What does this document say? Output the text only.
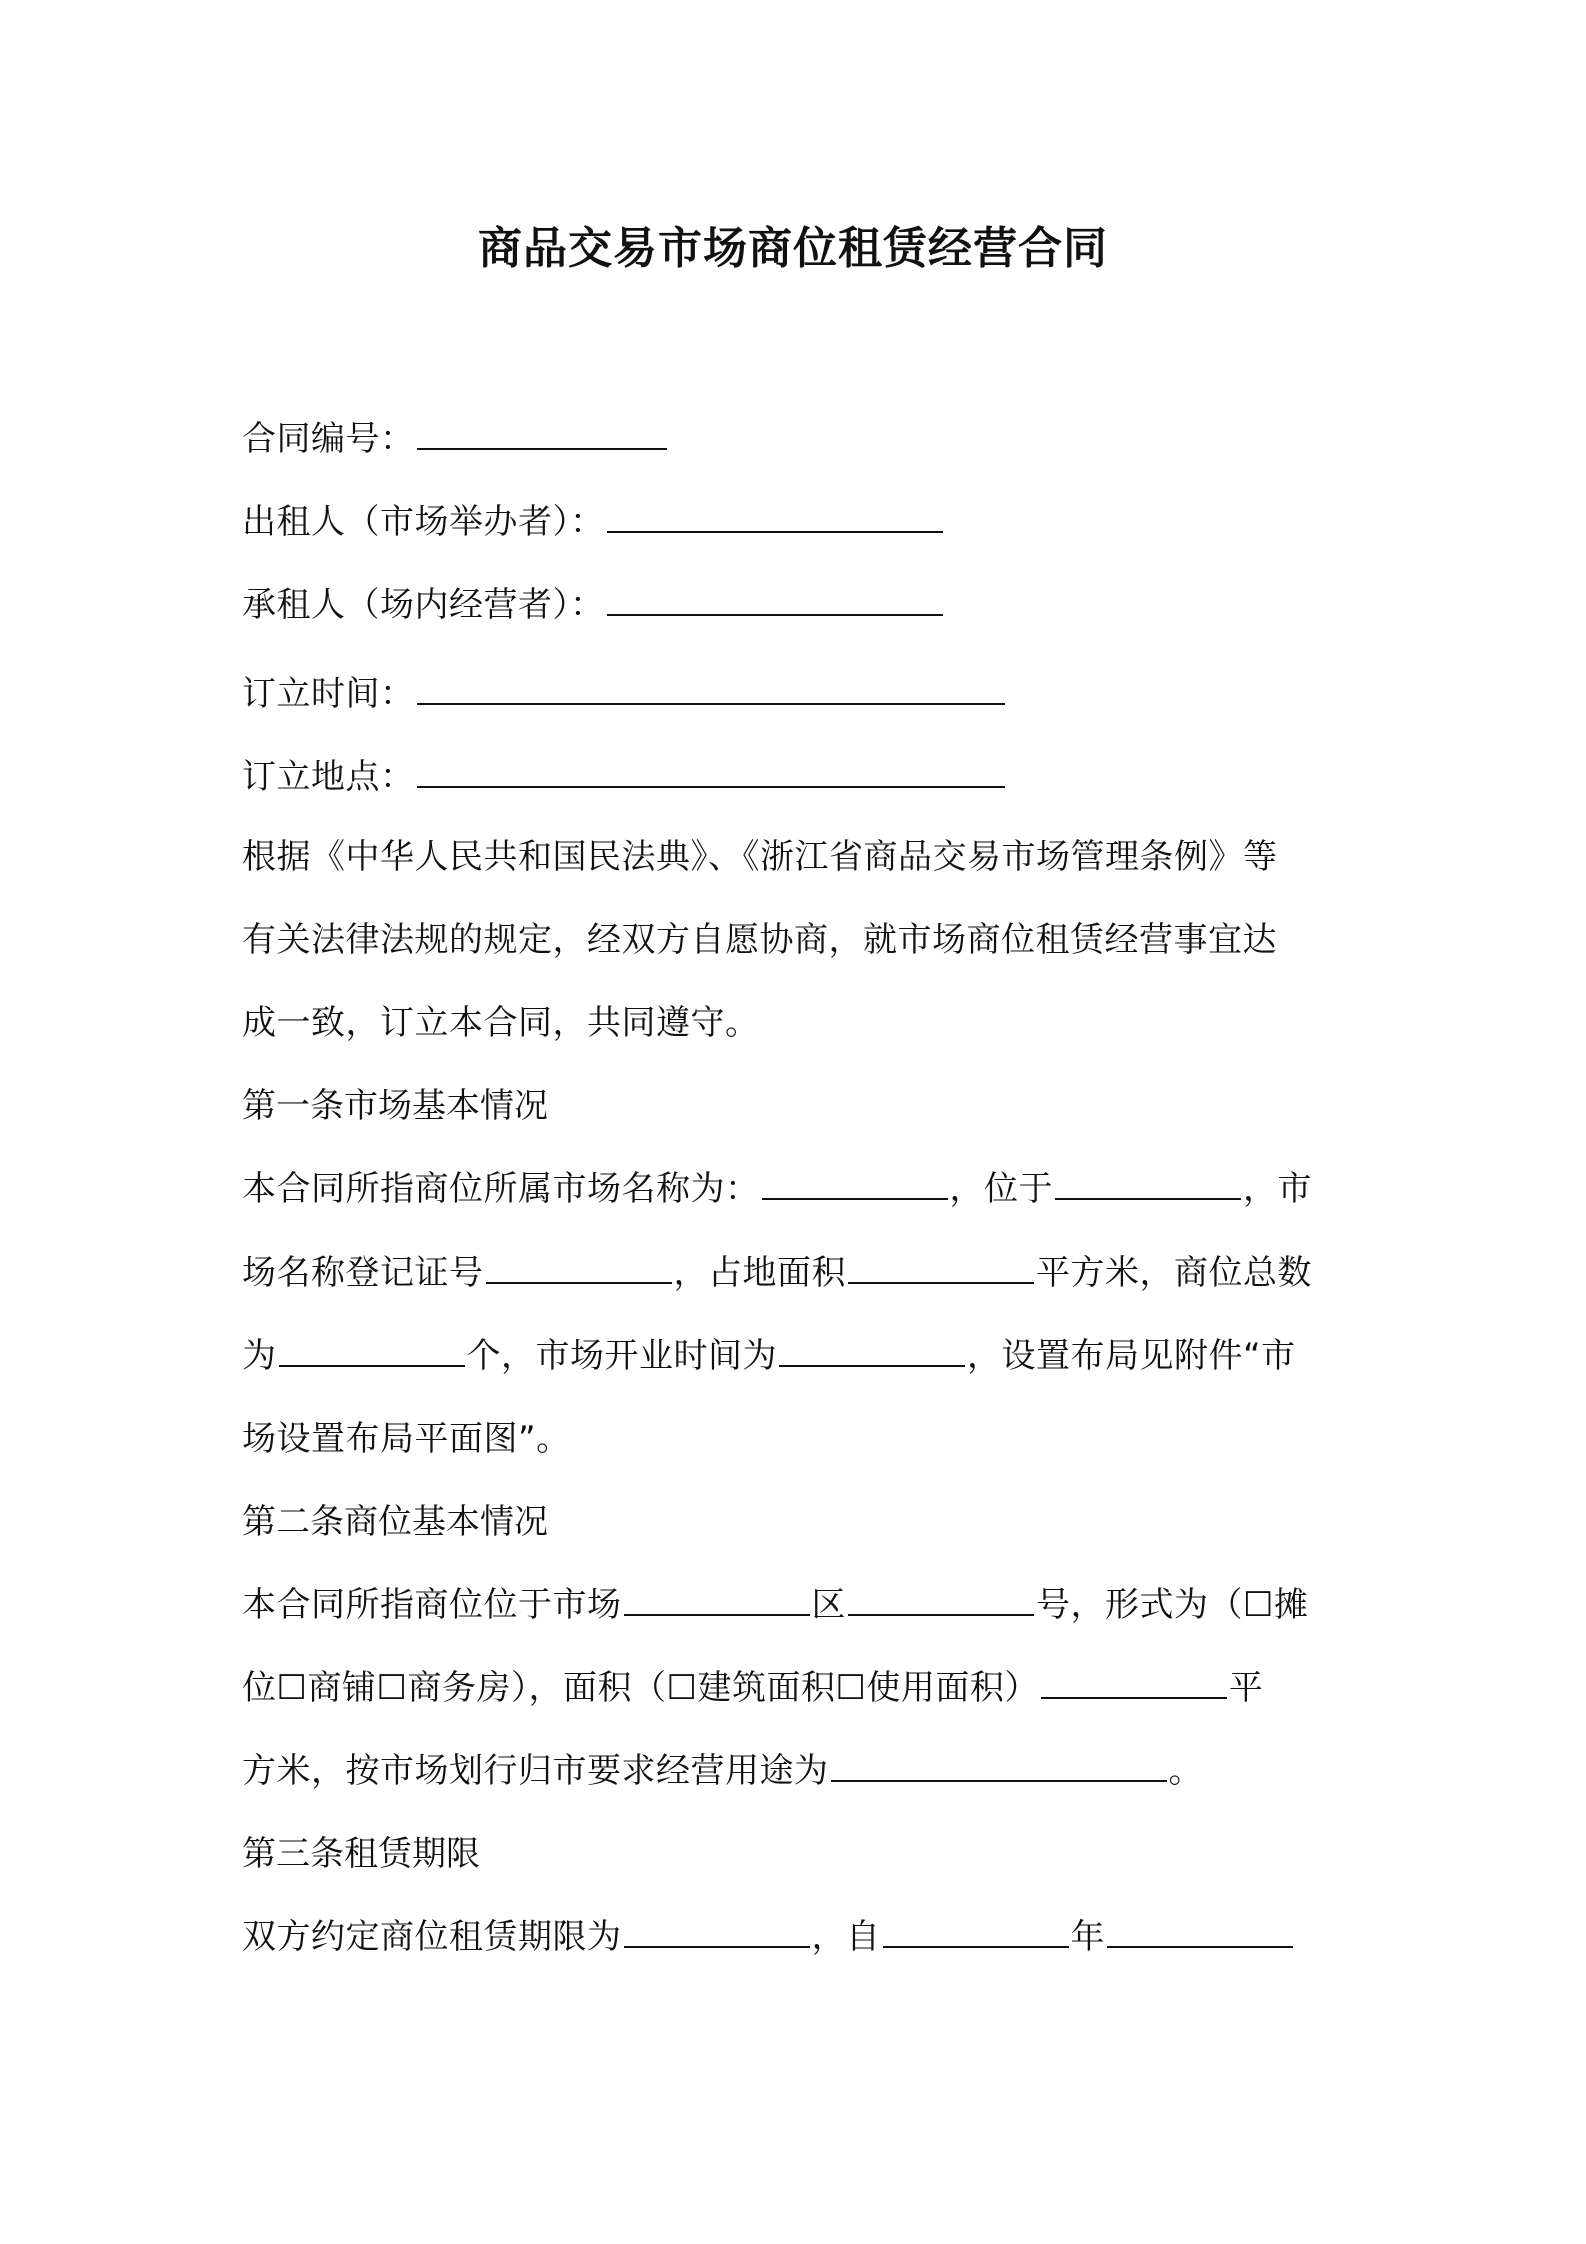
商品交易市场商位租赁经营合同
合同编号：
出租人（市场举办者）：
承租人（场内经营者）：
订立时间：
订立地点：
根据《中华人民共和国民法典》、《浙江省商品交易市场管理条例》等
有关法律法规的规定，经双方自愿协商，就市场商位租赁经营事宜达
成一致，订立本合同，共同遵守。
第一条市场基本情况
本合同所指商位所属市场名称为：	，位于	，市
场名称登记证号	，占地面积	平方米，商位总数
为	个，市场开业时间为	，设置布局见附件“市
场设置布局平面图”。
第二条商位基本情况
本合同所指商位位于市场	区	号，形式为（☐摊
位☐商铺☐商务房），面积（☐建筑面积☐使用面积）	平
方米，按市场划行归市要求经营用途为	。
第三条租赁期限
双方约定商位租赁期限为	，自	年
